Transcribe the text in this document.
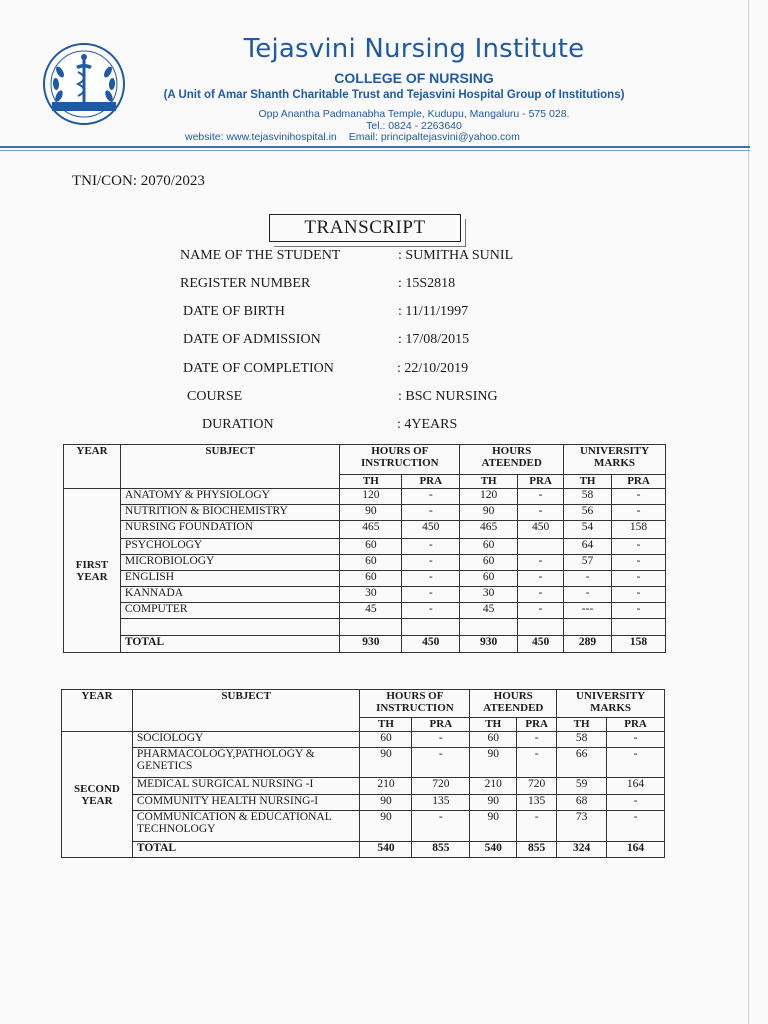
Tejasvini Nursing Institute
COLLEGE OF NURSING
(A Unit of Amar Shanth Charitable Trust and Tejasvini Hospital Group of Institutions)
Opp Anantha Padmanabha Temple, Kudupu, Mangaluru - 575 028.
Tel.: 0824 - 2263640
website: www.tejasvinihospital.in Email: principaltejasvini@yahoo.com
TNI/CON: 2070/2023
TRANSCRIPT
NAME OF THE STUDENT	: SUMITHA SUNIL
REGISTER NUMBER	: 15S2818
DATE OF BIRTH	: 11/11/1997
DATE OF ADMISSION	: 17/08/2015
DATE OF COMPLETION	: 22/10/2019
COURSE	: BSC NURSING
DURATION	: 4YEARS
YEAR	SUBJECT	HOURS OF INSTRUCTION		HOURS ATEENDED		UNIVERSITY MARKS	
		TH	PRA	TH	PRA	TH	PRA
FIRST YEAR	ANATOMY & PHYSIOLOGY	120	-	120	-	58	-
	NUTRITION & BIOCHEMISTRY	90	-	90	-	56	-
	NURSING FOUNDATION	465	450	465	450	54	158
	PSYCHOLOGY	60	-	60		64	-
	MICROBIOLOGY	60	-	60	-	57	-
	ENGLISH	60	-	60	-	-	-
	KANNADA	30	-	30	-	-	-
	COMPUTER	45	-	45	-	---	-

	TOTAL	930	450	930	450	289	158
YEAR	SUBJECT	HOURS OF INSTRUCTION		HOURS ATEENDED		UNIVERSITY MARKS	
		TH	PRA	TH	PRA	TH	PRA
SECOND YEAR	SOCIOLOGY	60	-	60	-	58	-
	PHARMACOLOGY,PATHOLOGY & GENETICS	90	-	90	-	66	-
	MEDICAL SURGICAL NURSING -I	210	720	210	720	59	164
	COMMUNITY HEALTH NURSING-I	90	135	90	135	68	-
	COMMUNICATION & EDUCATIONAL TECHNOLOGY	90	-	90	-	73	-
	TOTAL	540	855	540	855	324	164
